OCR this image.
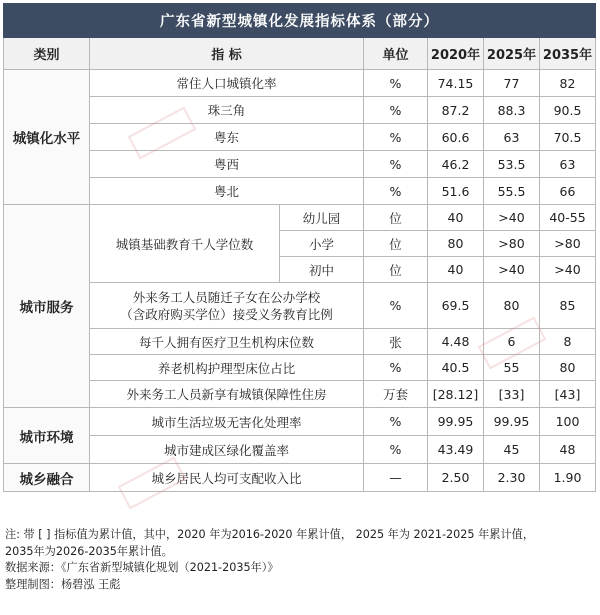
广东省新型城镇化发展指标体系（部分）						
类别	指 标		单位	2020年	2025年	2035年
城镇化水平	常住人口城镇化率		%	74.15	77	82
	珠三角		%	87.2	88.3	90.5
	粤东		%	60.6	63	70.5
	粤西		%	46.2	53.5	63
	粤北		%	51.6	55.5	66
城市服务	城镇基础教育千人学位数	幼儿园	位	40	>40	40-55
		小学	位	80	>80	>80
		初中	位	40	>40	>40

	外来务工人员随迁子女在公办学校
（含政府购买学位）接受义务教育比例		%	69.5	80	85
	每千人拥有医疗卫生机构床位数		张	4.48	6	8
	养老机构护理型床位占比		%	40.5	55	80
	外来务工人员新享有城镇保障性住房		万套	[28.12]	[33]	[43]
城市环境	城市生活垃圾无害化处理率		%	99.95	99.95	100
	城市建成区绿化覆盖率		%	43.49	45	48
城乡融合	城乡居民人均可支配收入比		—	2.50	2.30	1.90
注: 带 [ ] 指标值为累计值，其中，2020 年为2016-2020 年累计值， 2025 年为 2021-2025 年累计值，
2035年为2026-2035年累计值。
数据来源：《广东省新型城镇化规划（2021-2035年）》
整理制图：杨碧泓 王彪
